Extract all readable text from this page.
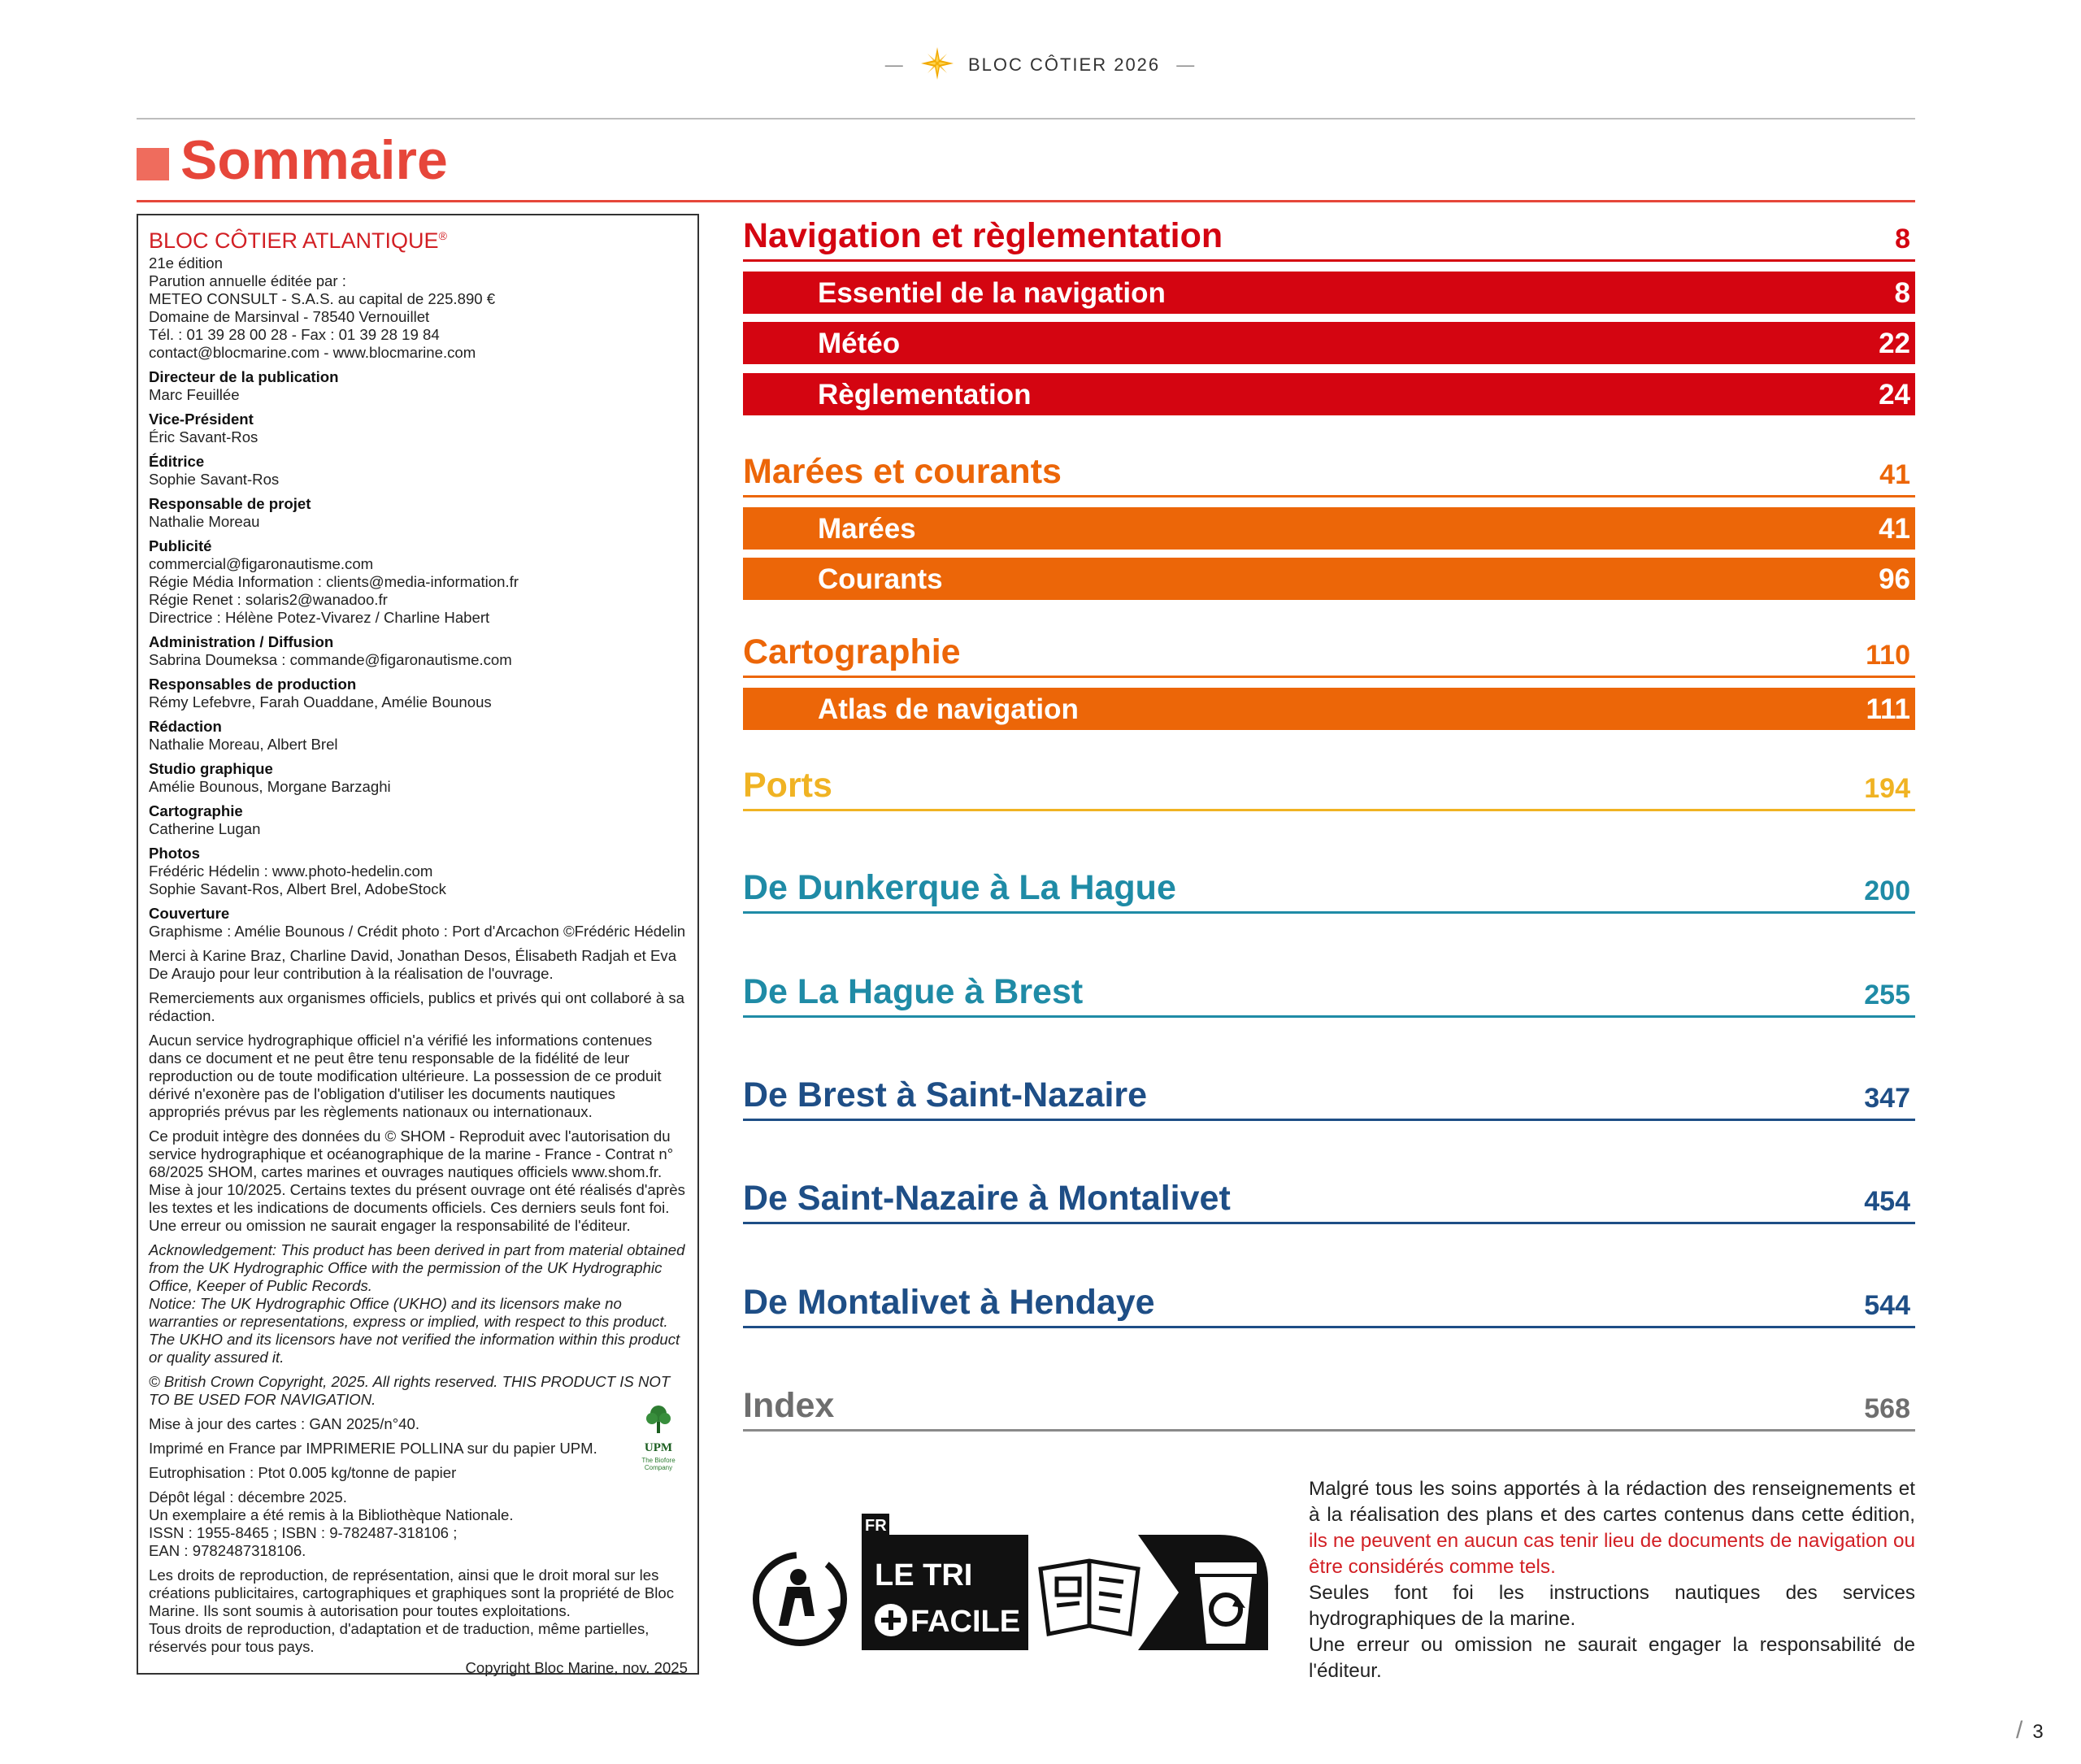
—	BLOC CÔTIER 2026 —
Sommaire
BLOC CÔTIER ATLANTIQUE®

21e édition

Parution annuelle éditée par :

METEO CONSULT - S.A.S. au capital de 225.890 €

Domaine de Marsinval - 78540 Vernouillet

Tél. : 01 39 28 00 28 - Fax : 01 39 28 19 84

contact@blocmarine.com - www.blocmarine.com

Directeur de la publication

Marc Feuillée

Vice-Président

Éric Savant-Ros

Éditrice

Sophie Savant-Ros

Responsable de projet

Nathalie Moreau

Publicité

commercial@figaronautisme.com

Régie Média Information : clients@media-information.fr

Régie Renet : solaris2@wanadoo.fr

Directrice : Hélène Potez-Vivarez / Charline Habert

Administration / Diffusion

Sabrina Doumeksa : commande@figaronautisme.com

Responsables de production

Rémy Lefebvre, Farah Ouaddane, Amélie Bounous

Rédaction

Nathalie Moreau, Albert Brel

Studio graphique

Amélie Bounous, Morgane Barzaghi

Cartographie

Catherine Lugan

Photos

Frédéric Hédelin : www.photo-hedelin.com

Sophie Savant-Ros, Albert Brel, AdobeStock

Couverture

Graphisme : Amélie Bounous / Crédit photo : Port d'Arcachon ©Frédéric Hédelin

Merci à Karine Braz, Charline David, Jonathan Desos, Élisabeth Radjah et Eva De Araujo pour leur contribution à la réalisation de l'ouvrage.

Remerciements aux organismes officiels, publics et privés qui ont collaboré à sa rédaction.

Aucun service hydrographique officiel n'a vérifié les informations contenues dans ce document et ne peut être tenu responsable de la fidélité de leur reproduction ou de toute modification ultérieure. La possession de ce produit dérivé n'exonère pas de l'obligation d'utiliser les documents nautiques appropriés prévus par les règlements nationaux ou internationaux.

Ce produit intègre des données du © SHOM - Reproduit avec l'autorisation du service hydrographique et océanographique de la marine - France - Contrat n° 68/2025 SHOM, cartes marines et ouvrages nautiques officiels www.shom.fr. Mise à jour 10/2025. Certains textes du présent ouvrage ont été réalisés d'après les textes et les indications de documents officiels. Ces derniers seuls font foi. Une erreur ou omission ne saurait engager la responsabilité de l'éditeur.

Acknowledgement: This product has been derived in part from material obtained from the UK Hydrographic Office with the permission of the UK Hydrographic Office, Keeper of Public Records.

Notice: The UK Hydrographic Office (UKHO) and its licensors make no warranties or representations, express or implied, with respect to this product. The UKHO and its licensors have not verified the information within this product or quality assured it.

© British Crown Copyright, 2025. All rights reserved. THIS PRODUCT IS NOT TO BE USED FOR NAVIGATION.

Mise à jour des cartes : GAN 2025/n°40.

Imprimé en France par IMPRIMERIE POLLINA sur du papier UPM.

Eutrophisation : Ptot 0.005 kg/tonne de papier

Dépôt légal : décembre 2025.

Un exemplaire a été remis à la Bibliothèque Nationale.

ISSN : 1955-8465 ; ISBN : 9-782487-318106 ;

EAN : 9782487318106.

Les droits de reproduction, de représentation, ainsi que le droit moral sur les créations publicitaires, cartographiques et graphiques sont la propriété de Bloc Marine. Ils sont soumis à autorisation pour toutes exploitations.

Tous droits de reproduction, d'adaptation et de traduction, même partielles, réservés pour tous pays.

Copyright Bloc Marine, nov. 2025

UPM
The Biofore Company
Navigation et règlementation	8
Essentiel de la navigation	8
Météo	22
Règlementation	24
Marées et courants	41
Marées	41
Courants	96
Cartographie	110
Atlas de navigation	111
Ports	194
De Dunkerque à La Hague	200
De La Hague à Brest	255
De Brest à Saint-Nazaire	347
De Saint-Nazaire à Montalivet	454
De Montalivet à Hendaye	544
Index	568
FR
LE TRI
FACILE

Malgré tous les soins apportés à la rédaction des renseignements et à la réalisation des plans et des cartes contenus dans cette édition, ils ne peuvent en aucun cas tenir lieu de documents de navigation ou être considérés comme tels.

Seules font foi les instructions nautiques des services hydrographiques de la marine.

Une erreur ou omission ne saurait engager la responsabilité de l'éditeur.

/ 3
